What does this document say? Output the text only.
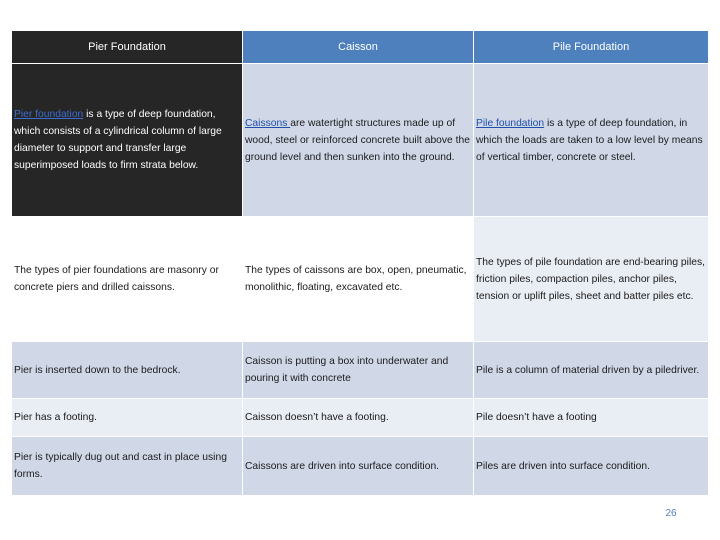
Pier Foundation	Caisson	Pile Foundation
Pier foundation is a type of deep foundation, which consists of a cylindrical column of large diameter to support and transfer large superimposed loads to firm strata below.	Caissons are watertight structures made up of wood, steel or reinforced concrete built above the ground level and then sunken into the ground.	Pile foundation is a type of deep foundation, in which the loads are taken to a low level by means of vertical timber, concrete or steel.
The types of pier foundations are masonry or concrete piers and drilled caissons.	The types of caissons are box, open, pneumatic, monolithic, floating, excavated etc.	The types of pile foundation are end-bearing piles, friction piles, compaction piles, anchor piles, tension or uplift piles, sheet and batter piles etc.
Pier is inserted down to the bedrock.	Caisson is putting a box into underwater and pouring it with concrete	Pile is a column of material driven by a piledriver.
Pier has a footing.	Caisson doesn’t have a footing.	Pile doesn’t have a footing
Pier is typically dug out and cast in place using forms.	Caissons are driven into surface condition.	Piles are driven into surface condition.
26
